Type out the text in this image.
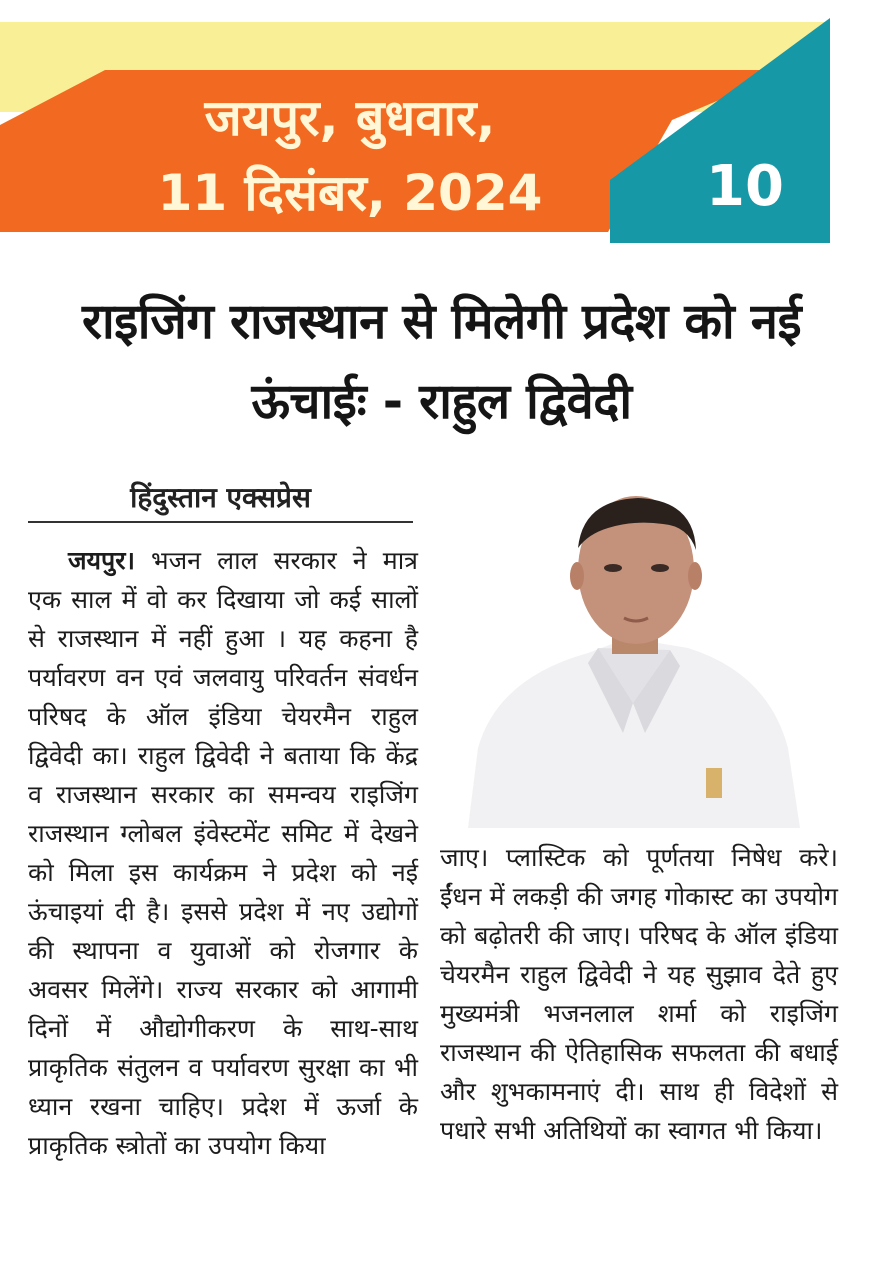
जयपुर, बुधवार,
11 दिसंबर, 2024	10
राइजिंग राजस्थान से मिलेगी प्रदेश को नई ऊंचाईः - राहुल द्विवेदी
हिंदुस्तान एक्सप्रेस
जयपुर। भजन लाल सरकार ने मात्र एक साल में वो कर दिखाया जो कई सालों से राजस्थान में नहीं हुआ । यह कहना है पर्यावरण वन एवं जलवायु परिवर्तन संवर्धन परिषद के ऑल इंडिया चेयरमैन राहुल द्विवेदी का। राहुल द्विवेदी ने बताया कि केंद्र व राजस्थान सरकार का समन्वय राइजिंग राजस्थान ग्लोबल इंवेस्टमेंट समिट में देखने को मिला इस कार्यक्रम ने प्रदेश को नई ऊंचाइयां दी है। इससे प्रदेश में नए उद्योगों की स्थापना व युवाओं को रोजगार के अवसर मिलेंगे। राज्य सरकार को आगामी दिनों में औद्योगीकरण के साथ-साथ प्राकृतिक संतुलन व पर्यावरण सुरक्षा का भी ध्यान रखना चाहिए। प्रदेश में ऊर्जा के प्राकृतिक स्त्रोतों का उपयोग किया
जाए। प्लास्टिक को पूर्णतया निषेध करे। ईंधन में लकड़ी की जगह गोकास्ट का उपयोग को बढ़ोतरी की जाए। परिषद के ऑल इंडिया चेयरमैन राहुल द्विवेदी ने यह सुझाव देते हुए मुख्यमंत्री भजनलाल शर्मा को राइजिंग राजस्थान की ऐतिहासिक सफलता की बधाई और शुभकामनाएं दी। साथ ही विदेशों से पधारे सभी अतिथियों का स्वागत भी किया।
